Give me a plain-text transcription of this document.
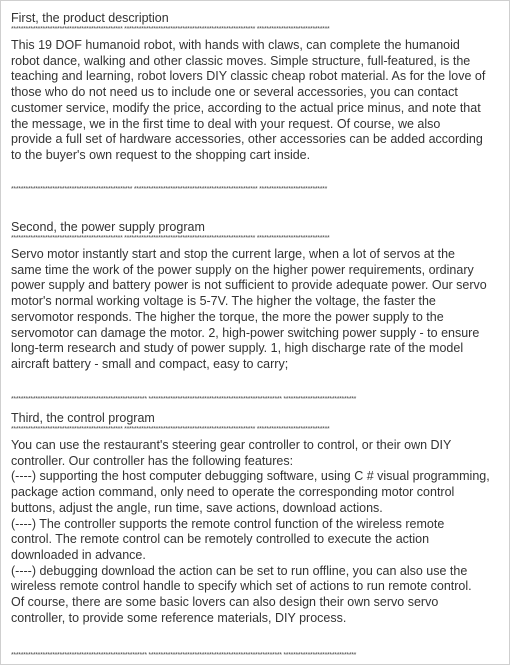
First, the product description
********************************************** ****************************************************** ******************************
This 19 DOF humanoid robot, with hands with claws, can complete the humanoid
robot dance, walking and other classic moves. Simple structure, full-featured, is the
teaching and learning, robot lovers DIY classic cheap robot material. As for the love of
those who do not need us to include one or several accessories, you can contact
customer service, modify the price, according to the actual price minus, and note that
the message, we in the first time to deal with your request. Of course, we also
provide a full set of hardware accessories, other accessories can be added according
to the buyer's own request to the shopping cart inside.
************************************************** *************************************************** ****************************
Second, the power supply program
********************************************** ****************************************************** ******************************
Servo motor instantly start and stop the current large, when a lot of servos at the
same time the work of the power supply on the higher power requirements, ordinary
power supply and battery power is not sufficient to provide adequate power. Our servo
motor's normal working voltage is 5-7V. The higher the voltage, the faster the
servomotor responds. The higher the torque, the more the power supply to the
servomotor can damage the motor. 2, high-power switching power supply - to ensure
long-term research and study of power supply. 1, high discharge rate of the model
aircraft battery - small and compact, easy to carry;
******************************************************** ******************************************************* ******************************
Third, the control program
********************************************** ****************************************************** ******************************
You can use the restaurant's steering gear controller to control, or their own DIY
controller. Our controller has the following features:
(----) supporting the host computer debugging software, using C # visual programming,
package action command, only need to operate the corresponding motor control
buttons, adjust the angle, run time, save actions, download actions.
(----) The controller supports the remote control function of the wireless remote
control. The remote control can be remotely controlled to execute the action
downloaded in advance.
(----) debugging download the action can be set to run offline, you can also use the
wireless remote control handle to specify which set of actions to run remote control.
Of course, there are some basic lovers can also design their own servo servo
controller, to provide some reference materials, DIY process.
******************************************************** ******************************************************* ******************************
